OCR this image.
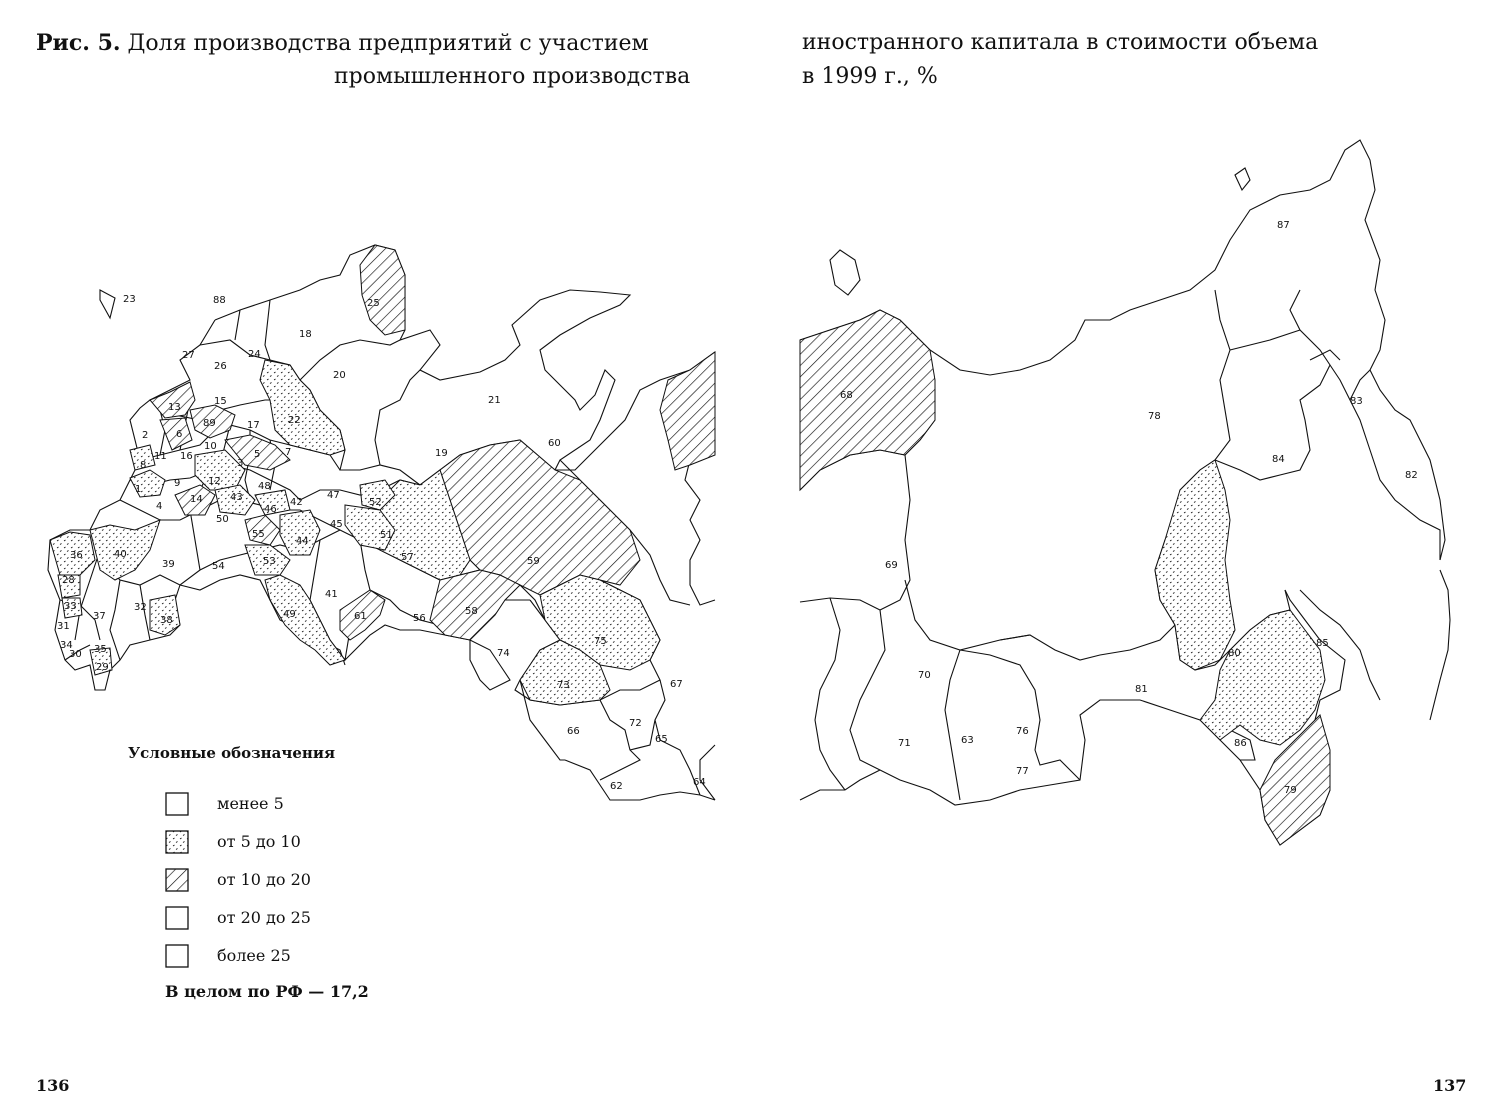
Рис. 5. Доля производства предприятий с участием
промышленного производства
иностранного капитала в стоимости объема
в 1999 г., %
23	88
18
27	24
26
20
15
13
89	22
21
2	6
17
10
5 7
8
11 16
12
3
19
60
1
9
14	43
48
4
47
42
46
52
50
55
45
51
44
36	40
39	54	53	57	59
28
41
32
33
37	49	61	56
58
38
31
35
34
30
29
74
75
73	67
66
72
65
62	64
25
87
68
78
83
84
82
69
85
80
70
81
71	63
76
86
77
79
Условные обозначения
менее 5
от 5 до 10
от 10 до 20
от 20 до 25
более 25
В целом по РФ — 17,2
136	137
